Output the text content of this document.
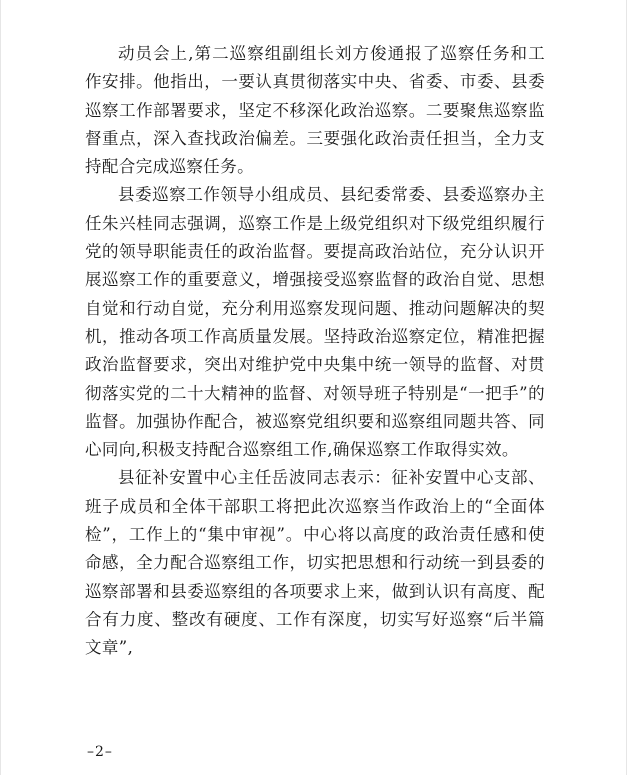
动员会上,第二巡察组副组长刘方俊通报了巡察任务和工作安排。他指出，一要认真贯彻落实中央、省委、市委、县委巡察工作部署要求，坚定不移深化政治巡察。二要聚焦巡察监督重点，深入查找政治偏差。三要强化政治责任担当，全力支持配合完成巡察任务。

县委巡察工作领导小组成员、县纪委常委、县委巡察办主任朱兴桂同志强调，巡察工作是上级党组织对下级党组织履行党的领导职能责任的政治监督。要提高政治站位，充分认识开展巡察工作的重要意义，增强接受巡察监督的政治自觉、思想自觉和行动自觉，充分利用巡察发现问题、推动问题解决的契机，推动各项工作高质量发展。坚持政治巡察定位，精准把握政治监督要求，突出对维护党中央集中统一领导的监督、对贯彻落实党的二十大精神的监督、对领导班子特别是“一把手”的监督。加强协作配合，被巡察党组织要和巡察组同题共答、同心同向,积极支持配合巡察组工作,确保巡察工作取得实效。

县征补安置中心主任岳波同志表示：征补安置中心支部、班子成员和全体干部职工将把此次巡察当作政治上的“全面体检”，工作上的“集中审视”。中心将以高度的政治责任感和使命感，全力配合巡察组工作，切实把思想和行动统一到县委的巡察部署和县委巡察组的各项要求上来，做到认识有高度、配合有力度、整改有硬度、工作有深度，切实写好巡察“后半篇文章”,

–2–
